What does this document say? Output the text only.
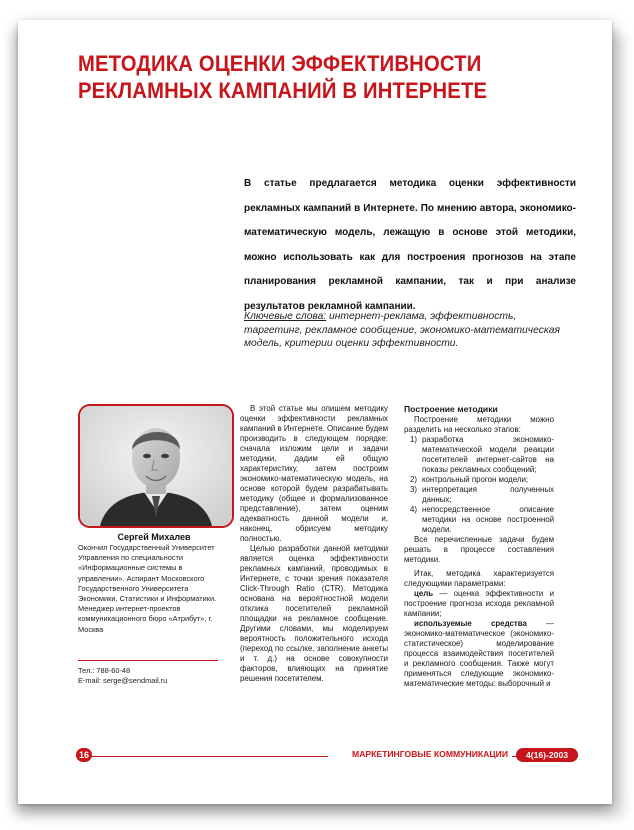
МЕТОДИКА ОЦЕНКИ ЭФФЕКТИВНОСТИ
РЕКЛАМНЫХ КАМПАНИЙ В ИНТЕРНЕТЕ
В статье предлагается методика оценки эффективности рекламных кампаний в Интернете. По мнению автора, экономико-математическую модель, лежащую в основе этой методики, можно использовать как для построения прогнозов на этапе планирования рекламной кампании, так и при анализе результатов рекламной кампании.
Ключевые слова: интернет-реклама, эффективность, таргетинг, рекламное сообщение, экономико-математическая модель, критерии оценки эффективности.
Сергей Михалев
Окончил Государственный Университет Управления по специальности «Информационные системы в управлении». Аспирант Московского Государственного Университета Экономики, Статистики и Информатики. Менеджер интернет-проектов коммуникационного бюро «Атрибут», г. Москва
Тел.: 788-60-48
E-mail: serge@sendmail.ru

В этой статье мы опишем методику оценки эффективности рекламных кампаний в Интернете. Описание будем производить в следующем порядке: сначала изложим цели и задачи методики, дадим ей общую характеристику, затем построим экономико-математическую модель, на основе которой будем разрабатывать методику (общее и формализованное представление), затем оценим адекватность данной модели и, наконец, обрисуем методику полностью.

Целью разработки данной методики является оценка эффективности рекламных кампаний, проводимых в Интернете, с точки зрения показателя Click-Through Ratio (CTR). Методика основана на вероятностной модели отклика посетителей рекламной площадки на рекламное сообщение. Другими словами, мы моделируем вероятность положительного исхода (переход по ссылке, заполнение анкеты и т. д.) на основе совокупности факторов, влияющих на принятие решения посетителем.

Построение методики

Построение методики можно разделить на несколько этапов:

1) разработка экономико-математической модели реакции посетителей интернет-сайтов на показы рекламных сообщений;
2) контрольный прогон модели;
3) интерпретация полученных данных;
4) непосредственное описание методики на основе построенной модели.

Все перечисленные задачи будем решать в процессе составления методики.

Итак, методика характеризуется следующими параметрами:

цель — оценка эффективности и построение прогноза исхода рекламной кампании;

используемые средства — экономико-математическое (экономико-статистическое) моделирование процесса взаимодействия посетителей и рекламного сообщения. Также могут применяться следующие экономико-математические методы: выборочный и

16	МАРКЕТИНГОВЫЕ КОММУНИКАЦИИ	4(16)-2003
